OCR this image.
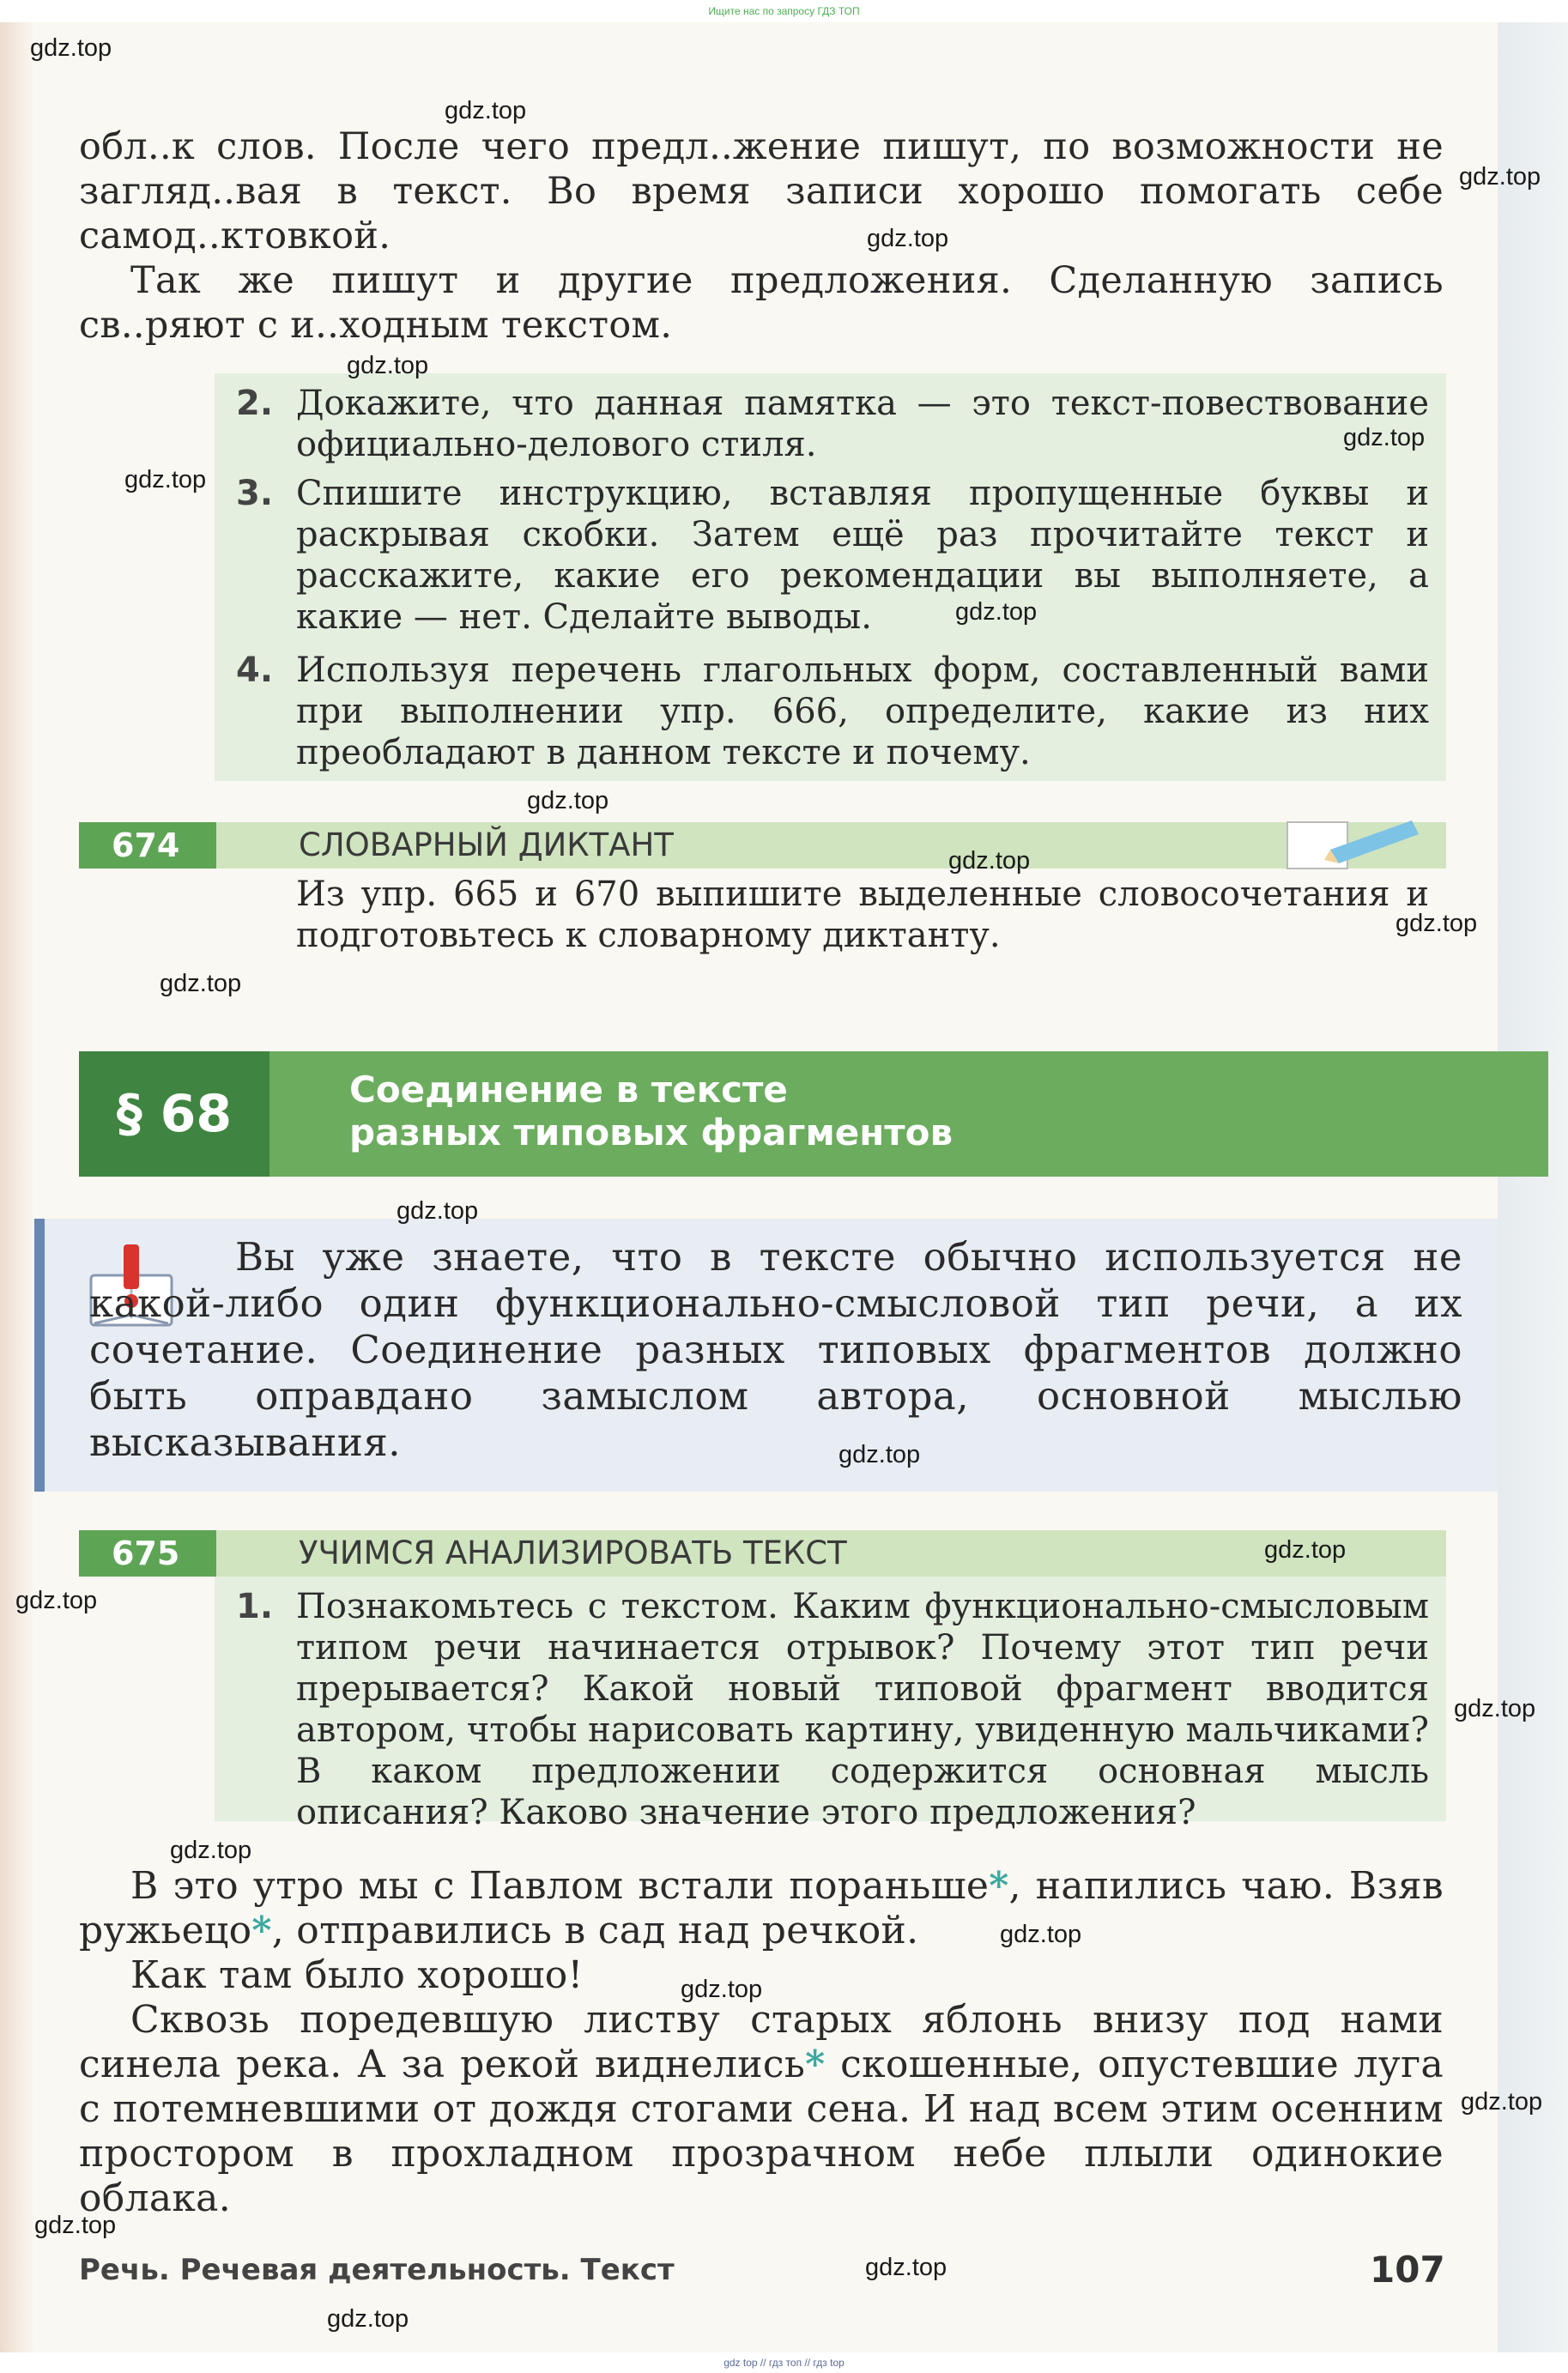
Ищите нас по запросу ГДЗ ТОП

обл..к слов. После чего предл..жение пишут, по возможности не загляд..вая в текст. Во время записи хорошо помогать себе самод..ктовкой.

Так же пишут и другие предложения. Сделанную запись св..ряют с и..ходным текстом.

2. Докажите, что данная памятка — это текст-повествование официально-делового стиля.
3. Спишите инструкцию, вставляя пропущенные буквы и раскрывая скобки. Затем ещё раз прочитайте текст и расскажите, какие его рекомендации вы выполняете, а какие — нет. Сделайте выводы.
4. Используя перечень глагольных форм, составленный вами при выполнении упр. 666, определите, какие из них преобладают в данном тексте и почему.
674	СЛОВАРНЫЙ ДИКТАНТ
Из упр. 665 и 670 выпишите выделенные словосочетания и подготовьтесь к словарному диктанту.
§ 68	Соединение в тексте
разных типовых фрагментов
Вы уже знаете, что в тексте обычно используется не какой-либо один функционально-смысловой тип речи, а их сочетание. Соединение разных типовых фрагментов должно быть оправдано замыслом автора, основной мыслью высказывания.
675	УЧИМСЯ АНАЛИЗИРОВАТЬ ТЕКСТ
1. Познакомьтесь с текстом. Каким функционально-смысловым типом речи начинается отрывок? Почему этот тип речи прерывается? Какой новый типовой фрагмент вводится автором, чтобы нарисовать картину, увиденную мальчиками? В каком предложении содержится основная мысль описания? Каково значение этого предложения?

В это утро мы с Павлом встали пораньше*, напились чаю. Взяв ружьецо*, отправились в сад над речкой.

Как там было хорошо!

Сквозь поредевшую листву старых яблонь внизу под нами синела река. А за рекой виднелись* скошенные, опустевшие луга с потемневшими от дождя стогами сена. И над всем этим осенним простором в прохладном прозрачном небе плыли одинокие облака.

Речь. Речевая деятельность. Текст	107
gdz.top
gdz.top
gdz.top
gdz.top
gdz.top
gdz.top
gdz.top
gdz.top
gdz.top
gdz.top
gdz.top
gdz.top
gdz.top
gdz.top
gdz.top
gdz.top
gdz.top
gdz.top
gdz.top
gdz.top
gdz.top
gdz.top
gdz.top
gdz.top
gdz top // гдз топ // гдз top
